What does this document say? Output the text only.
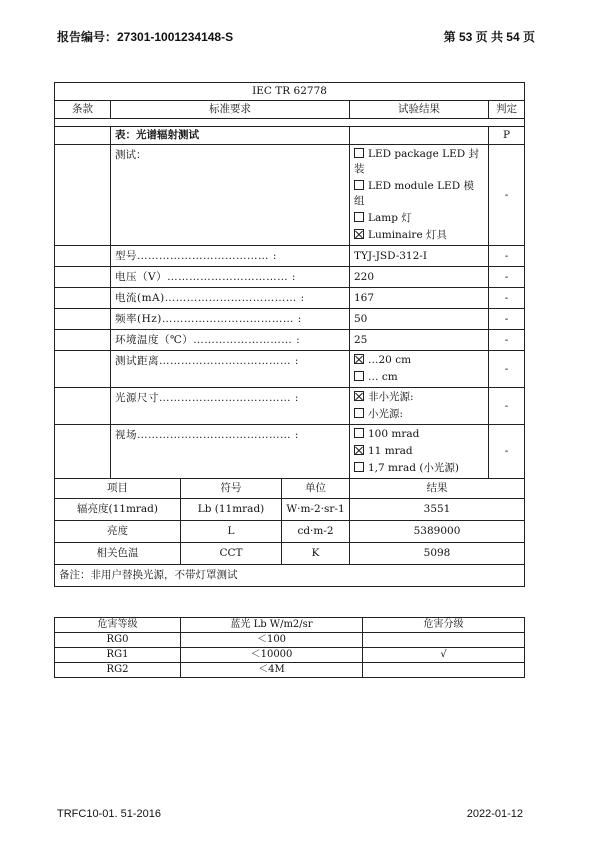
报告编号：27301-1001234148-S	第 53 页 共 54 页
IEC TR 62778					
条款	标准要求			试验结果	判定

	表：光谱辐射测试				P
	测试：			LED package LED 封装
LED module LED 模组
Lamp 灯
Luminaire 灯具	-
	型号……………………………… :			TYJ-JSD-312-I	-
	电压（V）…………………………… :			220	-
	电流(mA)……………………………… :			167	-
	频率(Hz)……………………………… :			50	-
	环境温度（℃）……………………… :			25	-
	测试距离……………………………… :			…20 cm
… cm	-
	光源尺寸……………………………… :			非小光源:
小光源:	-
	视场…………………………………… :			100 mrad
11 mrad
1,7 mrad (小光源)	-
项目		符号	单位	结果	
辐亮度(11mrad)		Lb (11mrad)	W·m-2·sr-1	3551	
亮度		L	cd·m-2	5389000	
相关色温		CCT	K	5098	
备注：非用户替换光源，不带灯罩测试					
危害等级	蓝光 Lb W/m2/sr	危害分级
RG0	＜100	
RG1	＜10000	√
RG2	＜4M	
TRFC10-01. 51-2016	2022-01-12
